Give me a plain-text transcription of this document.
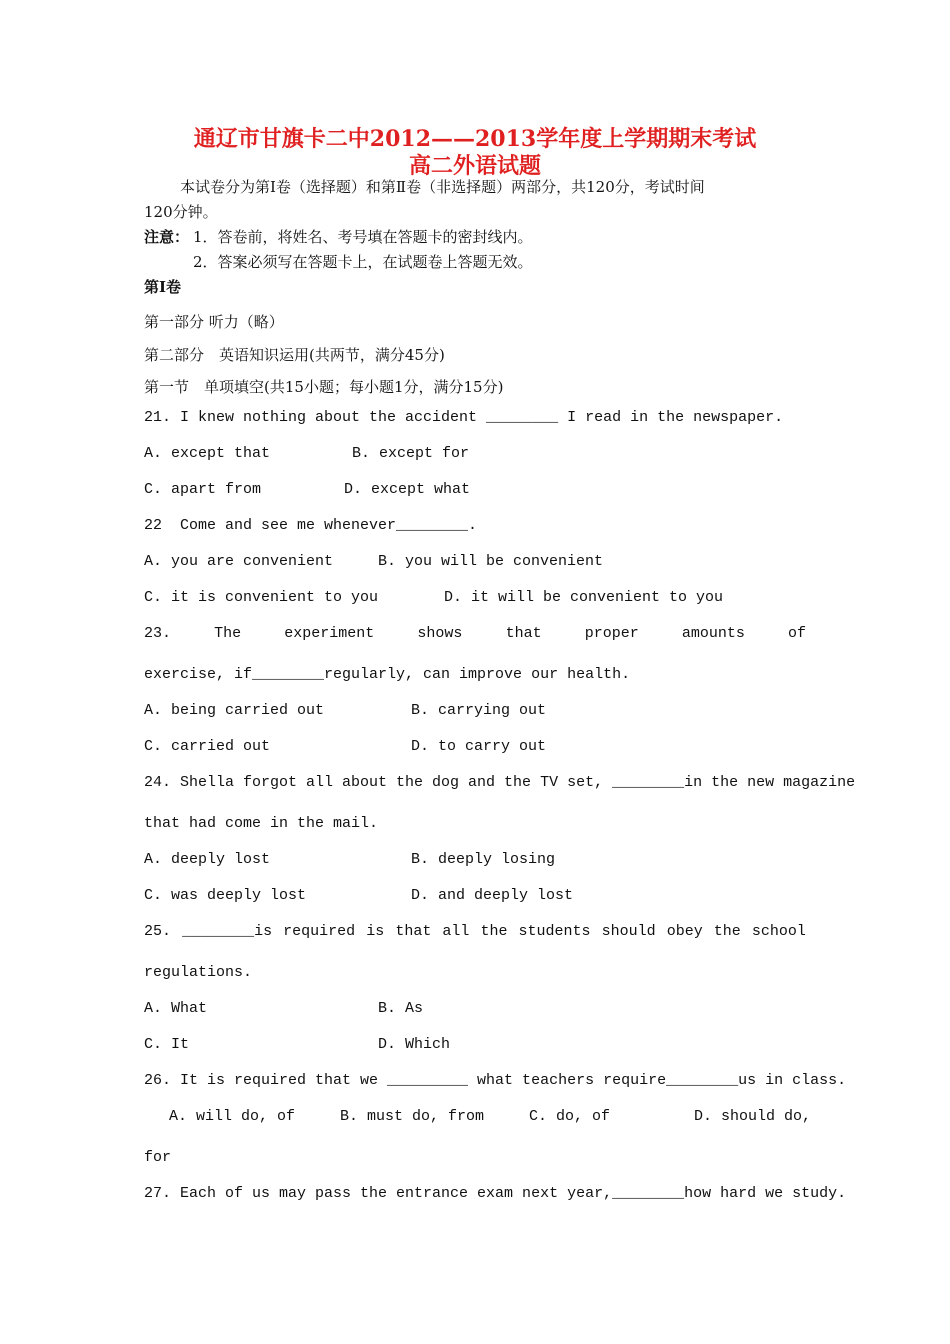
通辽市甘旗卡二中2012——2013学年度上学期期末考试
高二外语试题
本试卷分为第Ⅰ卷（选择题）和第Ⅱ卷（非选择题）两部分，共120分，考试时间
120分钟。
注意： 1．答卷前，将姓名、考号填在答题卡的密封线内。
2．答案必须写在答题卡上，在试题卷上答题无效。
第Ⅰ卷
第一部分 听力（略）
第二部分　英语知识运用(共两节，满分45分)
第一节　单项填空(共15小题；每小题1分，满分15分)
21. I knew nothing about the accident ________ I read in the newspaper.
A. except that	B. except for
C. apart from	D. except what
22  Come and see me whenever________.
A. you are convenient	B. you will be convenient
C. it is convenient to you	D. it will be convenient to you
23.	The	experiment	shows	that	proper	amounts	of
exercise, if________regularly, can improve our health.
A. being carried out	B. carrying out
C. carried out	D. to carry out
24. Shella forgot all about the dog and the TV set, ________in the new magazine
that had come in the mail.
A. deeply lost	B. deeply losing
C. was deeply lost	D. and deeply lost
25. ________is required is that all the students should obey the school
regulations.
A. What	B. As
C. It	D. Which
26. It is required that we _________ what teachers require________us in class.
A. will do, of	B. must do, from	C. do, of	D. should do,
for
27. Each of us may pass the entrance exam next year,________how hard we study.
